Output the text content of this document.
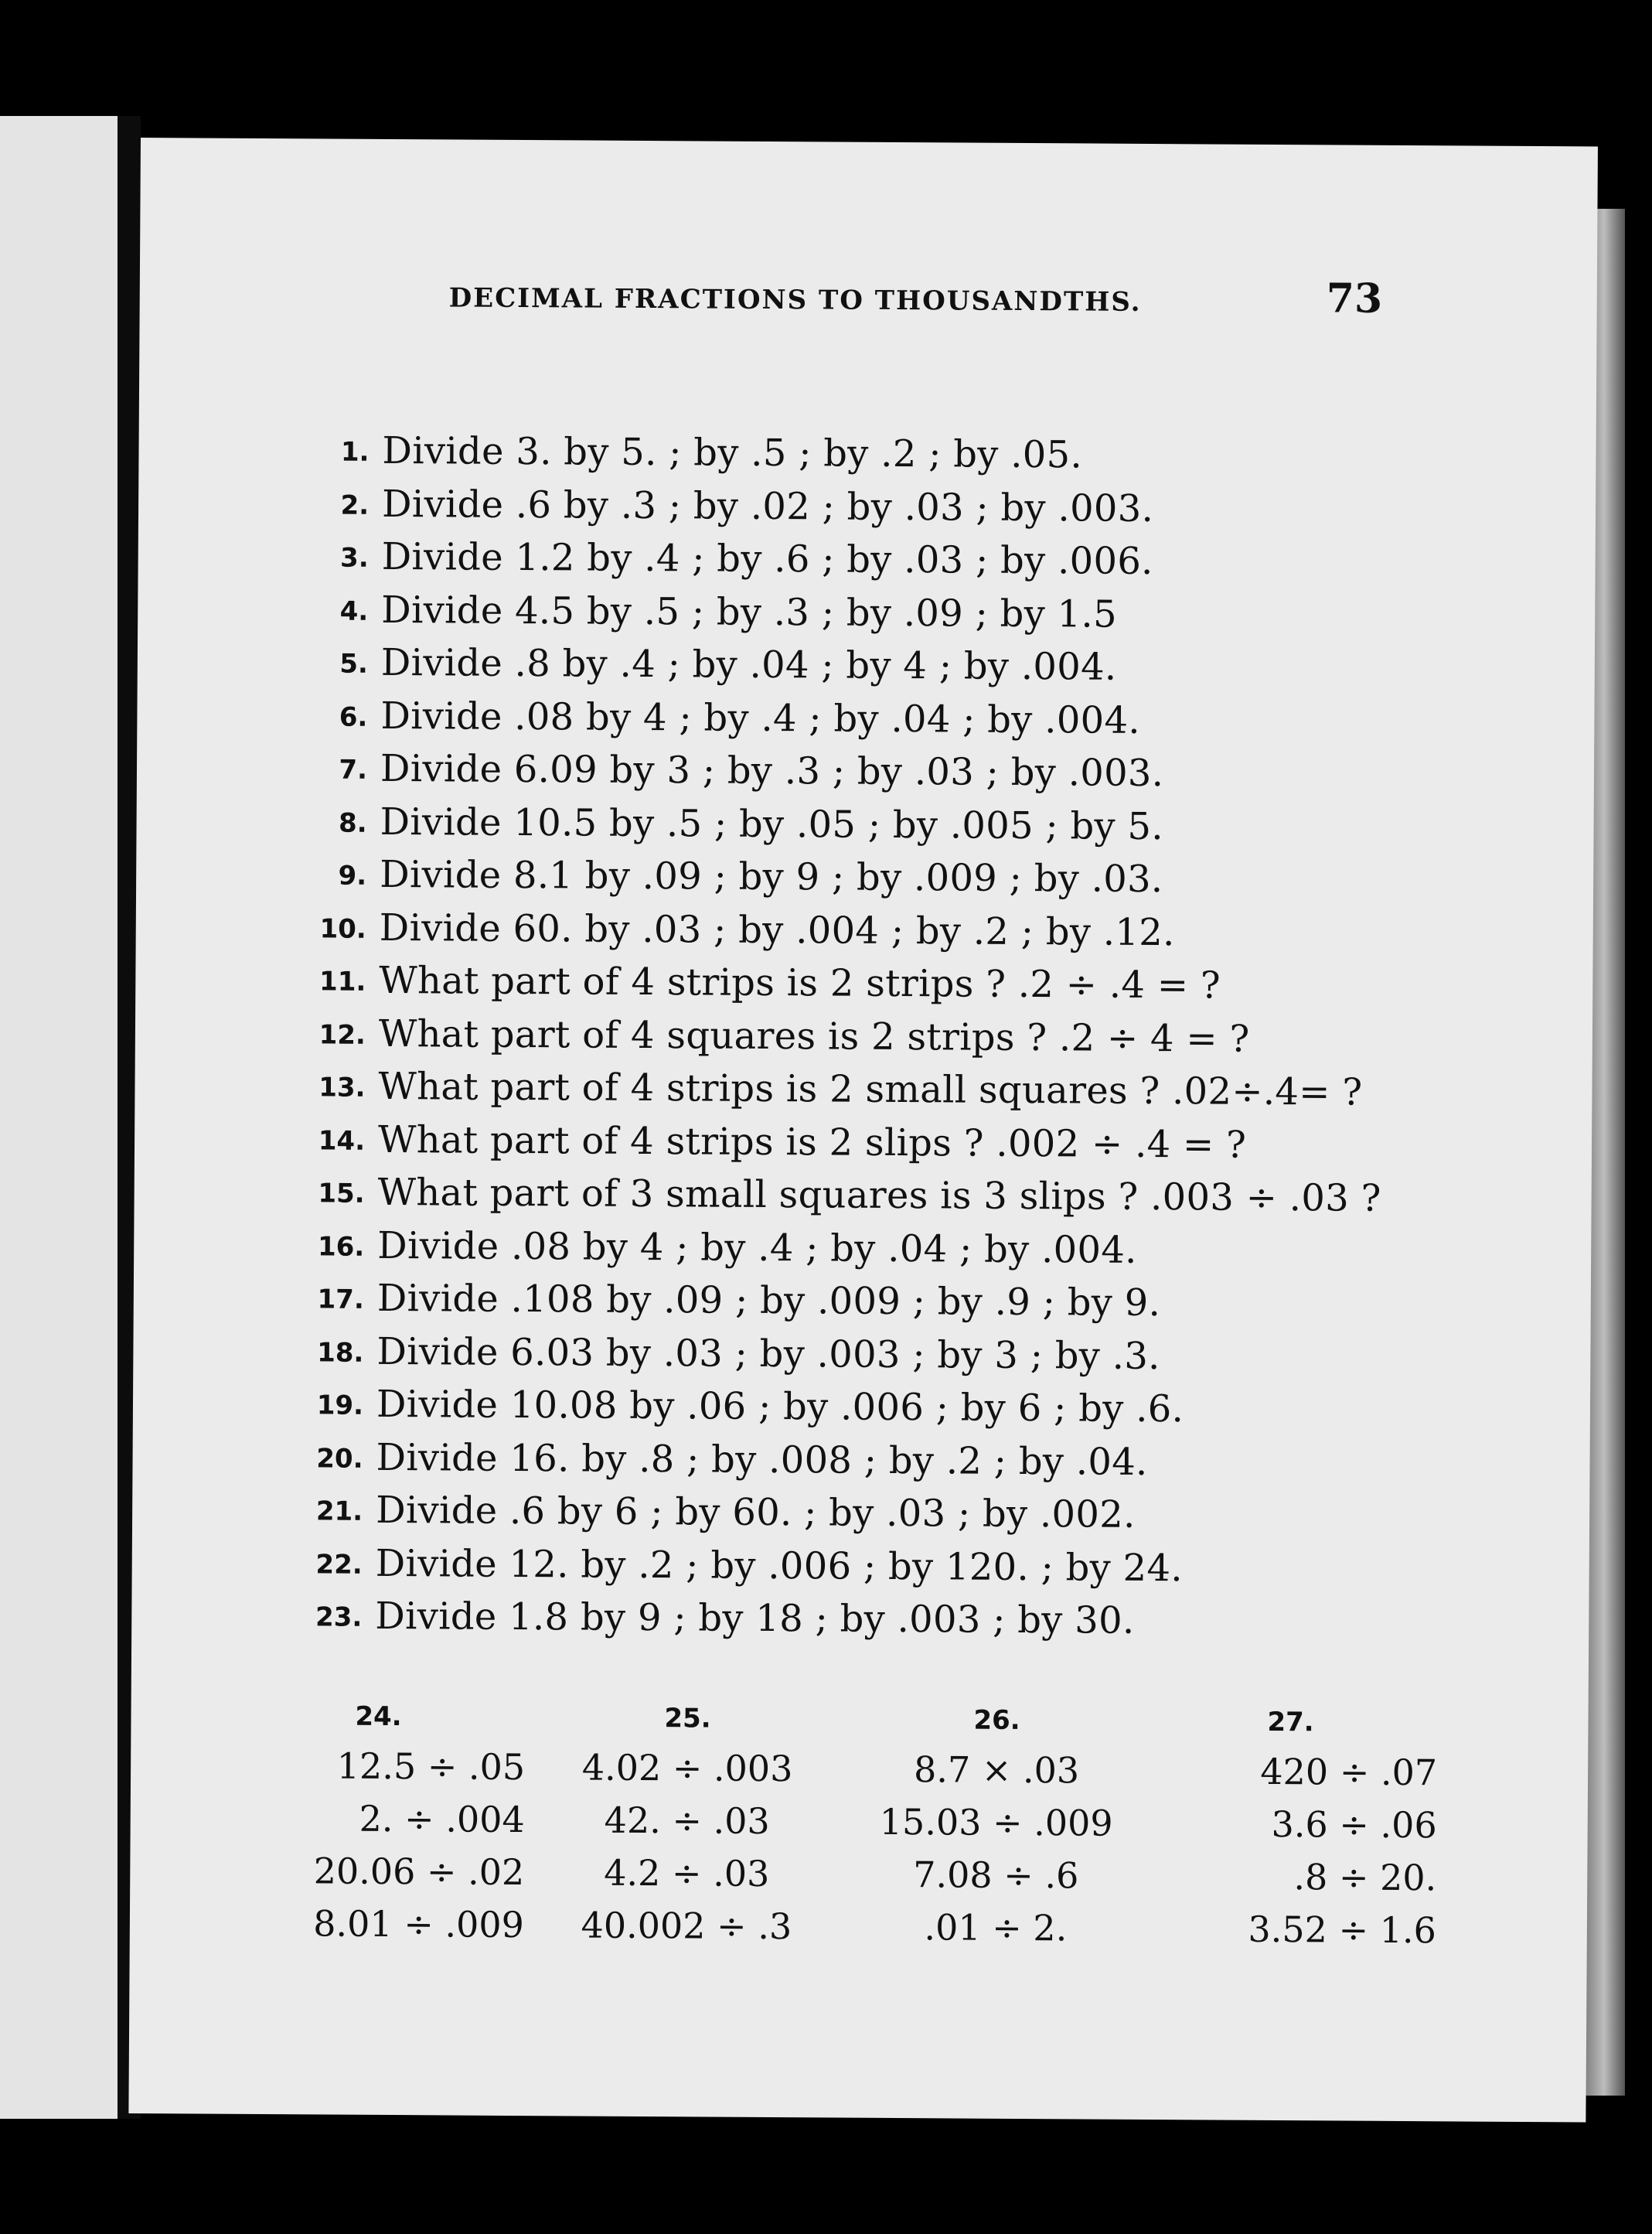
DECIMAL FRACTIONS TO THOUSANDTHS.	73
1. Divide 3. by 5. ; by .5 ; by .2 ; by .05.
2. Divide .6 by .3 ; by .02 ; by .03 ; by .003.
3. Divide 1.2 by .4 ; by .6 ; by .03 ; by .006.
4. Divide 4.5 by .5 ; by .3 ; by .09 ; by 1.5
5. Divide .8 by .4 ; by .04 ; by 4 ; by .004.
6. Divide .08 by 4 ; by .4 ; by .04 ; by .004.
7. Divide 6.09 by 3 ; by .3 ; by .03 ; by .003.
8. Divide 10.5 by .5 ; by .05 ; by .005 ; by 5.
9. Divide 8.1 by .09 ; by 9 ; by .009 ; by .03.
10. Divide 60. by .03 ; by .004 ; by .2 ; by .12.
11. What part of 4 strips is 2 strips ? .2 ÷ .4 = ?
12. What part of 4 squares is 2 strips ? .2 ÷ 4 = ?
13. What part of 4 strips is 2 small squares ? .02÷.4= ?
14. What part of 4 strips is 2 slips ? .002 ÷ .4 = ?
15. What part of 3 small squares is 3 slips ? .003 ÷ .03 ?
16. Divide .08 by 4 ; by .4 ; by .04 ; by .004.
17. Divide .108 by .09 ; by .009 ; by .9 ; by 9.
18. Divide 6.03 by .03 ; by .003 ; by 3 ; by .3.
19. Divide 10.08 by .06 ; by .006 ; by 6 ; by .6.
20. Divide 16. by .8 ; by .008 ; by .2 ; by .04.
21. Divide .6 by 6 ; by 60. ; by .03 ; by .002.
22. Divide 12. by .2 ; by .006 ; by 120. ; by 24.
23. Divide 1.8 by 9 ; by 18 ; by .003 ; by 30.
24.
12.5 ÷ .05
2. ÷ .004
20.06 ÷ .02
8.01 ÷ .009
25.
4.02 ÷ .003
42. ÷ .03
4.2 ÷ .03
40.002 ÷ .3
26.
8.7 × .03
15.03 ÷ .009
7.08 ÷ .6
.01 ÷ 2.
27.
420 ÷ .07
3.6 ÷ .06
.8 ÷ 20.
3.52 ÷ 1.6
